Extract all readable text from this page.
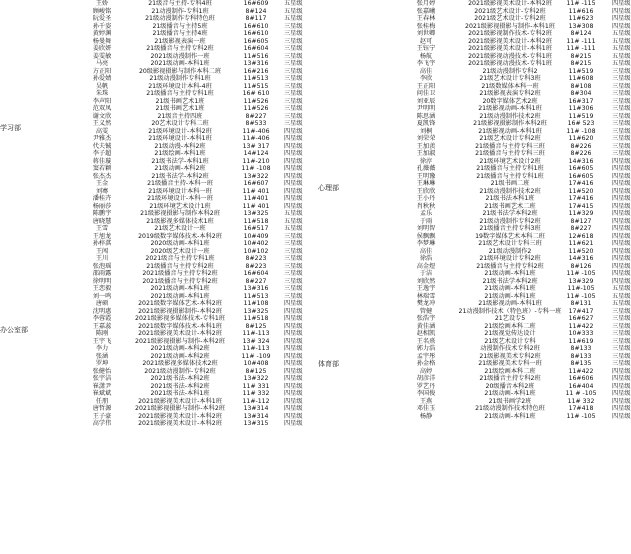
王娇	21级音与主持-专科4班	16#609	五星级
顾峻铭	21动漫制作-专科1班	8#124	五星级
阮爱圣	21级动漫制作专科特色班	8#117	五星级
学习部
孙千姿	21级播音与主持5班	16#610	三星级
黄婷渊	21级播音与主持4班	16#610	三星级
杨曼舞	21级影视表演一班	16#605	三星级
姜欣妍	21级播音与主持专科2班	16#604	三星级
姜雯敏	2021级动漫制作一班	11#516	三星级
马亮	2021级动画-本科1班	13#316	三星级
方正阳	20级影视摄影与制作本科二班	16#216	三星级
孙爱婧	21级动漫制作专科1班	11#513	三星级
吴帆	21级环境设计本科-4班	11#515	三星级
朱珠	21级播音与主持专科1班	16# 610 三星级
李声阳	21级书画艺术1班	11#526	三星级
范双凤	21级书画艺术1班	11#526	三星级
谢文欣	21级音主持四班	8#227	三星级
王义然	20艺术设计专科二班	8#533	三星级
高雯	21级环境设计-本科2班	11#-406 四星级
尹雅杰	21级环境设计-本科1班	11#-406 四星级
代夫铖	21级动漫-本科2班	13# 317 四星级
李子超	21级绘画-本科1班	14#124	四星级
蒋佳璇	21级书法学-本科1班	11#-210 四星级
窦若颖	21级动画-本科2班	11# -108 四星级
张杰杰	21级书法学-本科2班	13#322	四星级
王金	21级播音主持-本科一班	16#607	四星级
刘骞	21级环境设计本科一班	11# 401 四星级
潘桂卉	21级环境设计-本科一班	11#401	四星级
杨丽莎	21级环境艺术设计1班	11# 401 四星级
陈鹏宇	21级影视摄影与制作本科2班	13#325	五星级
唐晓慧	21级影视多媒体技术1班	11#518	五星级
王雪	21级艺术设计一班	16#517	五星级
办公室部
王旭龙	2019级数字媒体技术-本科2班	10#409	三星级
孙梓淇	2020级动画-本科1班	10#402	三星级
王闯	2020级艺术设计一班	10#102	三星级
王川	2021级音与主持专科1班	8#223	三星级
张泡瑶	21级播音与主持专科2班	8#223	三星级
邵雨露	2021级播音与主持专科2班	16#604	三星级
徐明明	2021级播音与主持专科2班	8#227	三星级
王恋毅	2021级动画-本科1班	13#316	三星级
刘一鸣	2021级动画-本科1班	11#513	三星级
唐硕	2021级数字媒体艺术-本科2班	11#108	四星级
沈明惠	2021级影视摄影制作-本科2班	13#325	四星级
李蓉霞	2021级影视多媒体技术-专科1班	11#518	四星级
王嘉蕊	2021级数字媒体技术-本科1班	8#125	四星级
陈刚	2021级影视美术设计-本科2班	11#-113 四星级
王宇飞	2021级影视摄影与制作-本科2班	13# 324 四星级
李力	2021级动画-本科2班	11#-113 四星级
张涵	2021级动画-本科2班	11# -109 四星级
罗坤	2021级影视多媒体技术2班	10#408	四星级
张健怡	2021级动漫制作-专科2班	8#125	四星级
张宇洁	2021级书法-本科2班	13#322	四星级
崔潇尹	2021级书法-本科2班	11# 331 四星级
崔斌斌	2021级书法-本科1班	11# 332 四星级
任朋	2021级影视美术设计-本科1班	11#-112 四星级
唐哲源	2021级影视摄影与制作-本科2班	13#314	四星级
王子豪	2021级影视美术设计-本科2班	13#314	四星级
高学伟	2021级影视美术设计-本科2班	13#315	四星级
张月婷	2021级影视美术设计-本科2班 11# -115	四星级
张嘉曦	2021级艺术设计-专科2班	11#616	四星级
王春林	2021级艺术设计-专科2班	11#623	四星级
张桂梅	2021级影视摄影与制作-本科1班 13#308	四星级
刘世卿	2021级影视制作技术-专科2班	8#124	五星级
赵可	2021级影视美术设计-本科2班 11# -111	五星级
王钰宁	2021级影视美术设计-本科1班 11# -111	五星级
杨航	2021级影视动漫技术-专科1班	8#215	五星级
李飞宇	2021级影视动漫技术-专科1班	8#215	五星级
心理部
高佳	21级动漫制作专科2	11#519	三星级
李欣	21级艺术设计专科3班	11#608	三星级
王正阳	21级数媒体本科一班	8#108	三星级
问佳卫	21级影视表演专科2班	8#304	三星级
刘亚辰	20数字媒体艺术2班	16#317	三星级
尹明明	21级影视动画-本科1班	11#306	三星级
陈思涵	21级动漫制作技术2班	11#519	三星级
夏凯锋	21级影视摄影制作本科2班	16# 523	三星级
刘桐	21级影视动画-本科1班	11# -108	三星级
刘荣荣	21级艺术设计专科2班	11#620	三星级
王加羡	21级播音与主持专科三班	8#226	三星级
王加淑	21级播音与主持专科三班	8#226	三星级
徐淳	21级环境艺术设计2班	14#316	四星级
孔薇薇	21级播音与主持专科1班	16#605	四星级
王明豫	21级播音与主持专科1班	16#605	四星级
王琳琳	21级书画二班	17#416	四星级
王欣欣	21级动漫制作技术2班	11#520	四星级
王小丹	21级书法本科1班	17#416	四星级
肖秋秋	21级书画艺术二班	17#415	四星级
孟乐	21级书法学本科2班	11#329	四星级
于雨	21级动漫制作专科2班	8#127	四星级
刘明智	21级播音主持专科3班	8#227	四星级
侯飘飘	19数字媒体艺术本科二班	12#618	四星级
李梦琳	21级艺术设计专科三班	11#621	四星级
高佳	21级动漫制作2	11#520	四星级
徐浩	21级环境设计专科2班	14#316	四星级
高金煜	21级播音与主持专科2班	8#126	四星级
于洁	21级动画-本科1班	11# -105	四星级
刘欣然	21级书法学本科2班	13#329	四星级
王逸宇	21级动画-本科1班	11#-105	五星级
林瑞雪	21级动画-本科1班	11# -105	五星级
樊龙冲	21级影视动画-本科1班	8#131	五星级
体育部
管健	21动漫制作技术（特色班）-专科一班 17#417	三星级
张浩宇	21艺设专5	16#627	三星级
黄佳涵	21级绘画本科二班	11#422	三星级
赵相凯	21级视觉传达设计	10#333	三星级
王名熹	21级艺术设计专科	11#619	三星级
郭力浩	动漫制作技术专科2班	8#133	三星级
孟宇彤	21级影视美术专科2班	8#133	三星级
孙金格	21级影视美术专科一班	8#135	三星级
高婷	21级绘画本科二班	11#422	四星级
胡彦洋	21级播音主持专科2班	16#606	四星级
罗艺丹	20级播音本科2班	16#404	四星级
李国俊	21级动画-本科1班	11 # -105 四星级
王燕	21级书画学2班	11# 332	四星级
邓佳玉	21级动漫制作技术特色班	17#418	四星级
杨静	21级动画-本科1班	11# -105	四星级
